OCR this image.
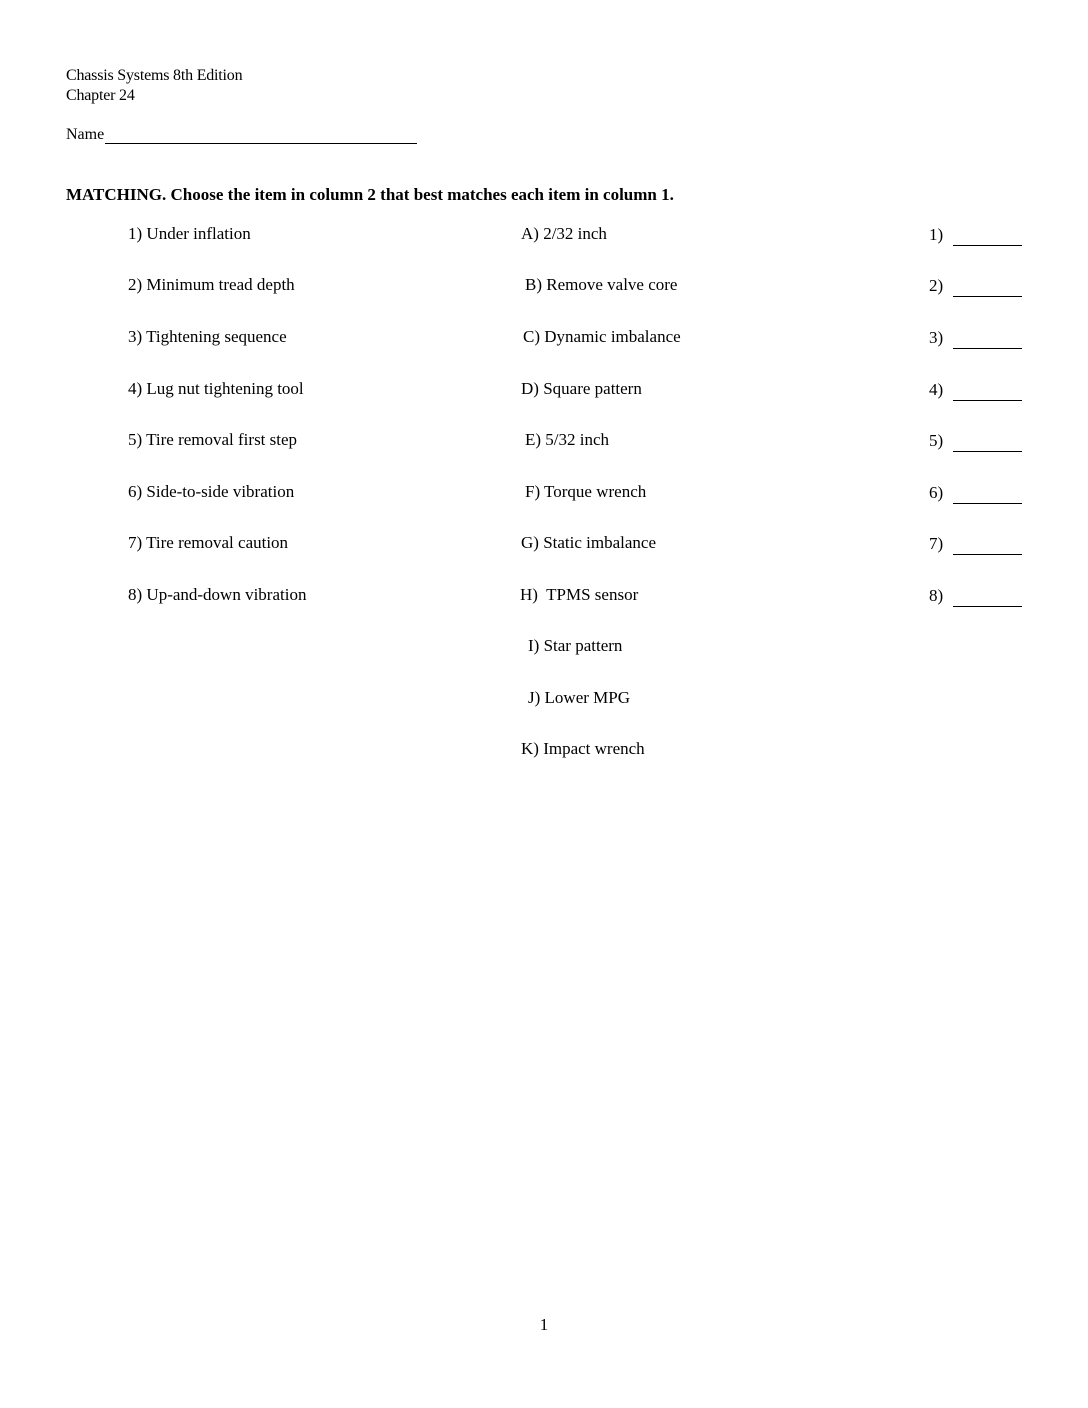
Chassis Systems 8th Edition
Chapter 24
Name
MATCHING. Choose the item in column 2 that best matches each item in column 1.
1) Under inflation	A) 2/32 inch	1)
2) Minimum tread depth	B) Remove valve core	2)
3) Tightening sequence	C) Dynamic imbalance	3)
4) Lug nut tightening tool	D) Square pattern	4)
5) Tire removal first step	E) 5/32 inch	5)
6) Side-to-side vibration	F) Torque wrench	6)
7) Tire removal caution	G) Static imbalance	7)
8) Up-and-down vibration	H)  TPMS sensor	8)
I) Star pattern
J) Lower MPG
K) Impact wrench
1
